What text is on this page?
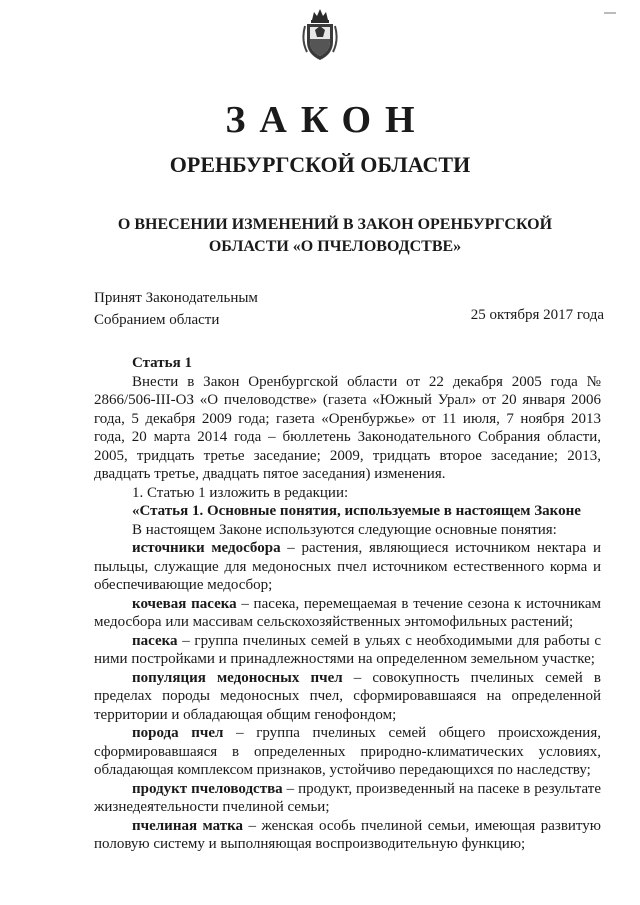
ЗАКОН
ОРЕНБУРГСКОЙ ОБЛАСТИ
О ВНЕСЕНИИ ИЗМЕНЕНИЙ В ЗАКОН ОРЕНБУРГСКОЙ
ОБЛАСТИ «О ПЧЕЛОВОДСТВЕ»
Принят Законодательным
Собранием области	25 октября 2017 года

Статья 1

Внести в Закон Оренбургской области от 22 декабря 2005 года № 2866/506-III-ОЗ «О пчеловодстве» (газета «Южный Урал» от 20 января 2006 года, 5 декабря 2009 года; газета «Оренбуржье» от 11 июля, 7 ноября 2013 года, 20 марта 2014 года – бюллетень Законодательного Собрания области, 2005, тридцать третье заседание; 2009, тридцать второе заседание; 2013, двадцать третье, двадцать пятое заседания) изменения.

1. Статью 1 изложить в редакции:

«Статья 1. Основные понятия, используемые в настоящем Законе

В настоящем Законе используются следующие основные понятия:

источники медосбора – растения, являющиеся источником нектара и пыльцы, служащие для медоносных пчел источником естественного корма и обеспечивающие медосбор;

кочевая пасека – пасека, перемещаемая в течение сезона к источникам медосбора или массивам сельскохозяйственных энтомофильных растений;

пасека – группа пчелиных семей в ульях с необходимыми для работы с ними постройками и принадлежностями на определенном земельном участке;

популяция медоносных пчел – совокупность пчелиных семей в пределах породы медоносных пчел, сформировавшаяся на определенной территории и обладающая общим генофондом;

порода пчел – группа пчелиных семей общего происхождения, сформировавшаяся в определенных природно-климатических условиях, обладающая комплексом признаков, устойчиво передающихся по наследству;

продукт пчеловодства – продукт, произведенный на пасеке в результате жизнедеятельности пчелиной семьи;

пчелиная матка – женская особь пчелиной семьи, имеющая развитую половую систему и выполняющая воспроизводительную функцию;
